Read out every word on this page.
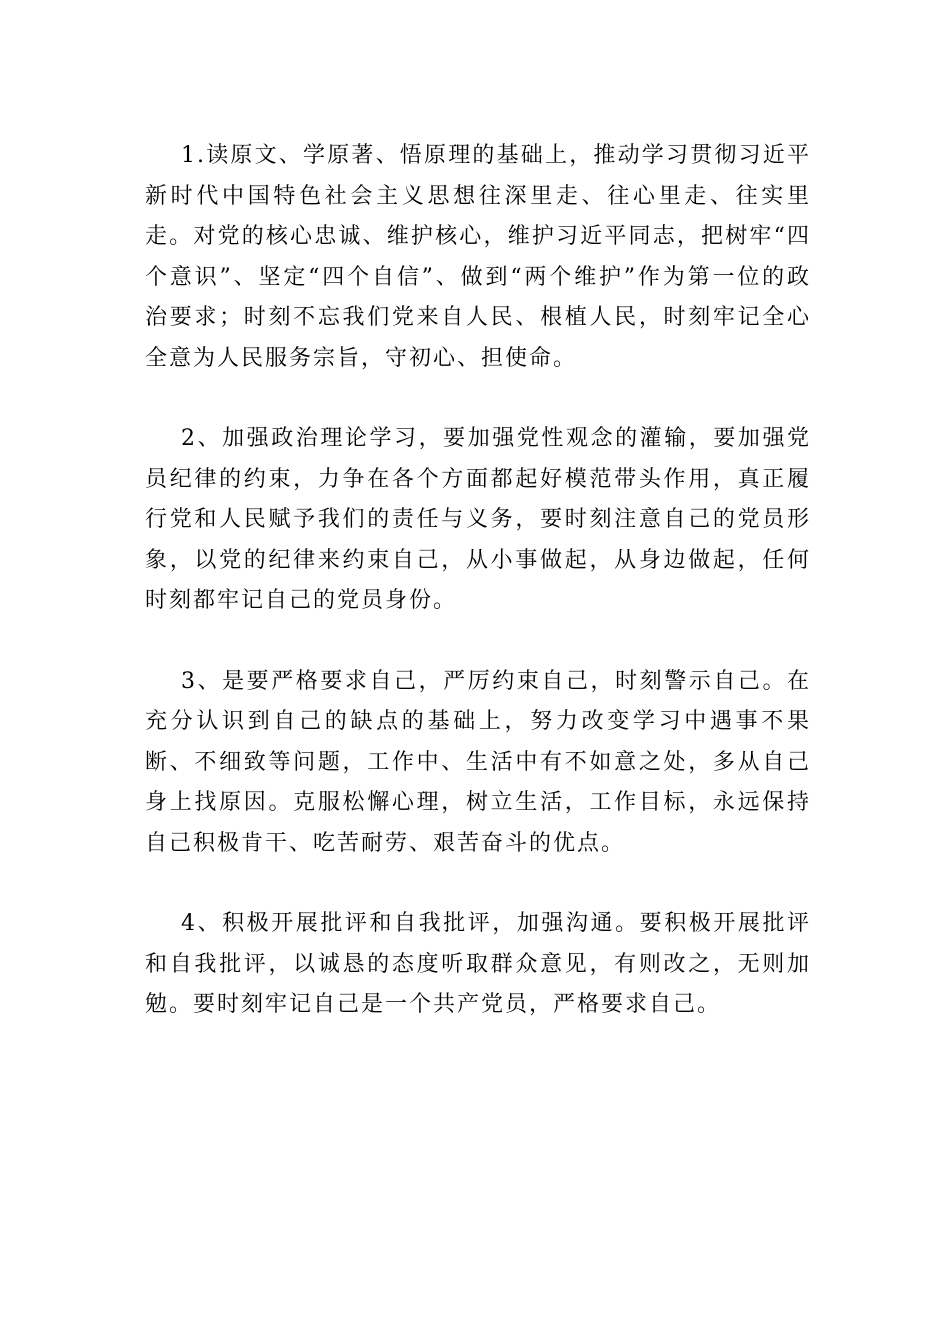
1.读原文、学原著、悟原理的基础上，推动学习贯彻习近平新时代中国特色社会主义思想往深里走、往心里走、往实里走。对党的核心忠诚、维护核心，维护习近平同志，把树牢“四个意识”、坚定“四个自信”、做到“两个维护”作为第一位的政治要求；时刻不忘我们党来自人民、根植人民，时刻牢记全心全意为人民服务宗旨，守初心、担使命。

2、加强政治理论学习，要加强党性观念的灌输，要加强党员纪律的约束，力争在各个方面都起好模范带头作用，真正履行党和人民赋予我们的责任与义务，要时刻注意自己的党员形象，以党的纪律来约束自己，从小事做起，从身边做起，任何时刻都牢记自己的党员身份。

3、是要严格要求自己，严厉约束自己，时刻警示自己。在充分认识到自己的缺点的基础上，努力改变学习中遇事不果断、不细致等问题，工作中、生活中有不如意之处，多从自己身上找原因。克服松懈心理，树立生活，工作目标，永远保持自己积极肯干、吃苦耐劳、艰苦奋斗的优点。

4、积极开展批评和自我批评，加强沟通。要积极开展批评和自我批评，以诚恳的态度听取群众意见，有则改之，无则加勉。要时刻牢记自己是一个共产党员，严格要求自己。
